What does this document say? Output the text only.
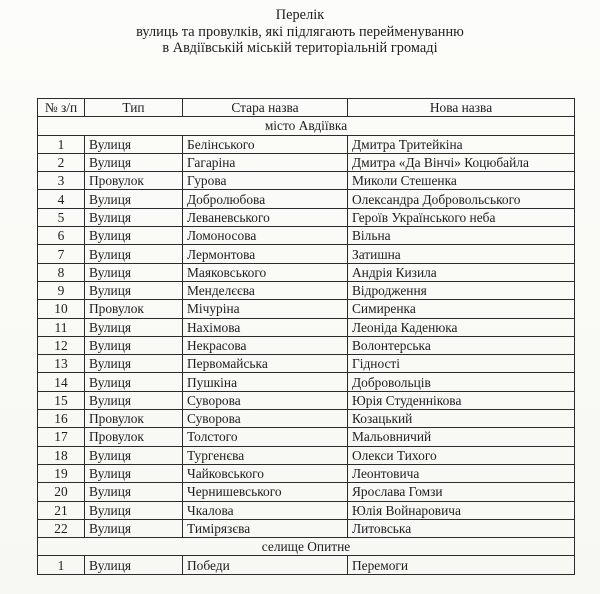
Перелік
вулиць та провулків, які підлягають перейменуванню
в Авдіївській міській територіальній громаді
№ з/п	Тип	Стара назва	Нова назва
місто Авдіївка			
1	Вулиця	Белінського	Дмитра Тритейкіна
2	Вулиця	Гагаріна	Дмитра «Да Вінчі» Коцюбайла
3	Провулок	Гурова	Миколи Стешенка
4	Вулиця	Добролюбова	Олександра Добровольського
5	Вулиця	Леваневського	Героїв Українського неба
6	Вулиця	Ломоносова	Вільна
7	Вулиця	Лермонтова	Затишна
8	Вулиця	Маяковського	Андрія Кизила
9	Вулиця	Менделєєва	Відродження
10	Провулок	Мічуріна	Симиренка
11	Вулиця	Нахімова	Леоніда Каденюка
12	Вулиця	Некрасова	Волонтерська
13	Вулиця	Первомайська	Гідності
14	Вулиця	Пушкіна	Добровольців
15	Вулиця	Суворова	Юрія Студеннікова
16	Провулок	Суворова	Козацький
17	Провулок	Толстого	Мальовничий
18	Вулиця	Тургенєва	Олекси Тихого
19	Вулиця	Чайковського	Леонтовича
20	Вулиця	Чернишевського	Ярослава Гомзи
21	Вулиця	Чкалова	Юлія Войнаровича
22	Вулиця	Тимірязєва	Литовська
селище Опитне			
1	Вулиця	Победи	Перемоги
